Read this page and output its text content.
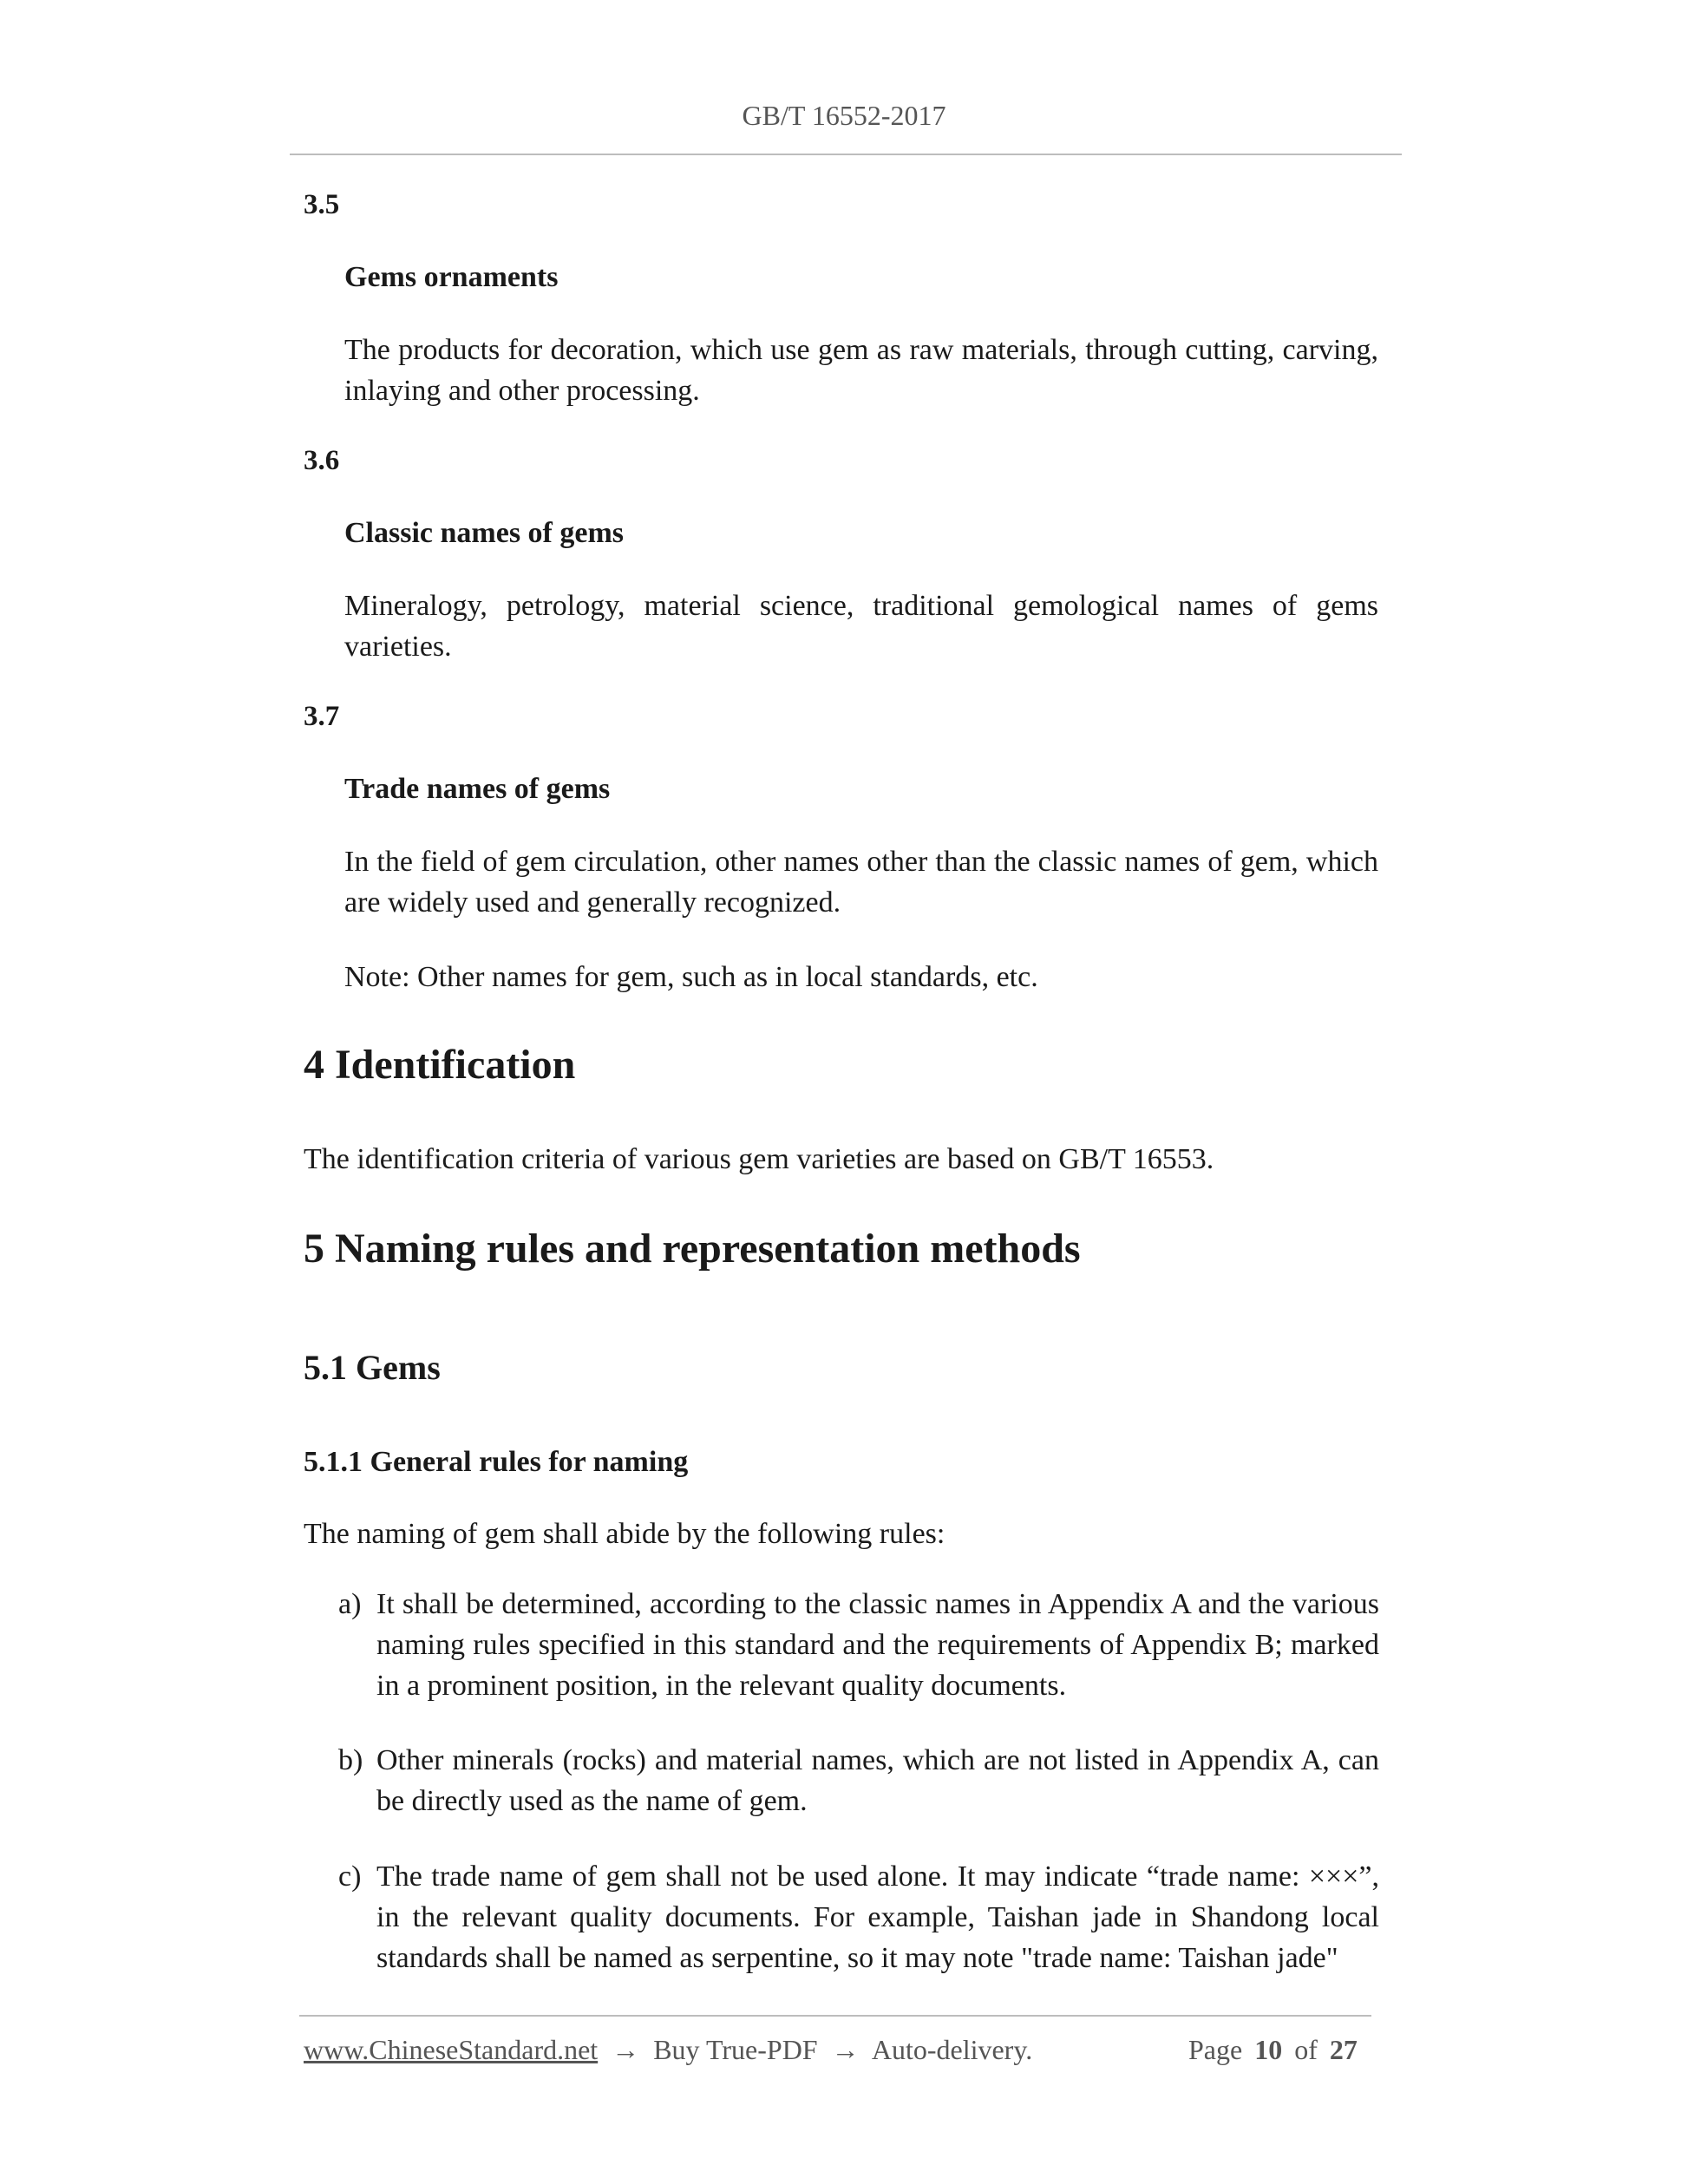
GB/T 16552-2017
3.5
Gems ornaments
The products for decoration, which use gem as raw materials, through cutting, carving, inlaying and other processing.
3.6
Classic names of gems
Mineralogy, petrology, material science, traditional gemological names of gems varieties.
3.7
Trade names of gems
In the field of gem circulation, other names other than the classic names of gem, which are widely used and generally recognized.
Note: Other names for gem, such as in local standards, etc.
4 Identification
The identification criteria of various gem varieties are based on GB/T 16553.
5 Naming rules and representation methods
5.1 Gems
5.1.1 General rules for naming
The naming of gem shall abide by the following rules:
a) It shall be determined, according to the classic names in Appendix A and the various naming rules specified in this standard and the requirements of Appendix B; marked in a prominent position, in the relevant quality documents.
b) Other minerals (rocks) and material names, which are not listed in Appendix A, can be directly used as the name of gem.
c) The trade name of gem shall not be used alone. It may indicate “trade name: ×××”, in the relevant quality documents. For example, Taishan jade in Shandong local standards shall be named as serpentine, so it may note "trade name: Taishan jade"
www.ChineseStandard.net → Buy True-PDF → Auto-delivery.	Page 10 of 27
